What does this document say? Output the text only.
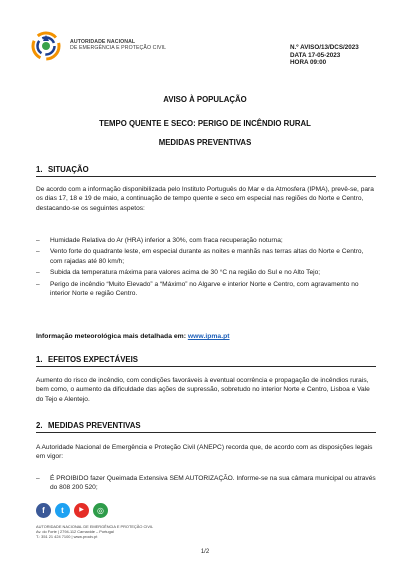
AUTORIDADE NACIONAL
DE EMERGÊNCIA E PROTEÇÃO CIVIL	N.º AVISO/13/DCS/2023
DATA 17-05-2023
HORA 09:00
AVISO À POPULAÇÃO
TEMPO QUENTE E SECO: PERIGO DE INCÊNDIO RURAL
MEDIDAS PREVENTIVAS
1. SITUAÇÃO

De acordo com a informação disponibilizada pelo Instituto Português do Mar e da Atmosfera (IPMA), prevê-se, para os dias 17, 18 e 19 de maio, a continuação de tempo quente e seco em especial nas regiões do Norte e Centro, destacando-se os seguintes aspetos:

– Humidade Relativa do Ar (HRA) inferior a 30%, com fraca recuperação noturna;
– Vento forte do quadrante leste, em especial durante as noites e manhãs nas terras altas do Norte e Centro, com rajadas até 80 km/h;
– Subida da temperatura máxima para valores acima de 30 °C na região do Sul e no Alto Tejo;
– Perigo de incêndio “Muito Elevado” a “Máximo” no Algarve e interior Norte e Centro, com agravamento no interior Norte e região Centro.
Informação meteorológica mais detalhada em: www.ipma.pt
1. EFEITOS EXPECTÁVEIS

Aumento do risco de incêndio, com condições favoráveis à eventual ocorrência e propagação de incêndios rurais, bem como, o aumento da dificuldade das ações de supressão, sobretudo no interior Norte e Centro, Lisboa e Vale do Tejo e Alentejo.

2. MEDIDAS PREVENTIVAS

A Autoridade Nacional de Emergência e Proteção Civil (ANEPC) recorda que, de acordo com as disposições legais em vigor:

– É PROIBIDO fazer Queimada Extensiva SEM AUTORIZAÇÃO. Informe-se na sua câmara municipal ou através do 808 200 520;
f	t	▶	◎
AUTORIDADE NACIONAL DE EMERGÊNCIA E PROTEÇÃO CIVIL
Av. do Forte | 2794-112 Carnaxide – Portugal
T.: 351 21 424 7100 | www.prociv.pt
1/2
